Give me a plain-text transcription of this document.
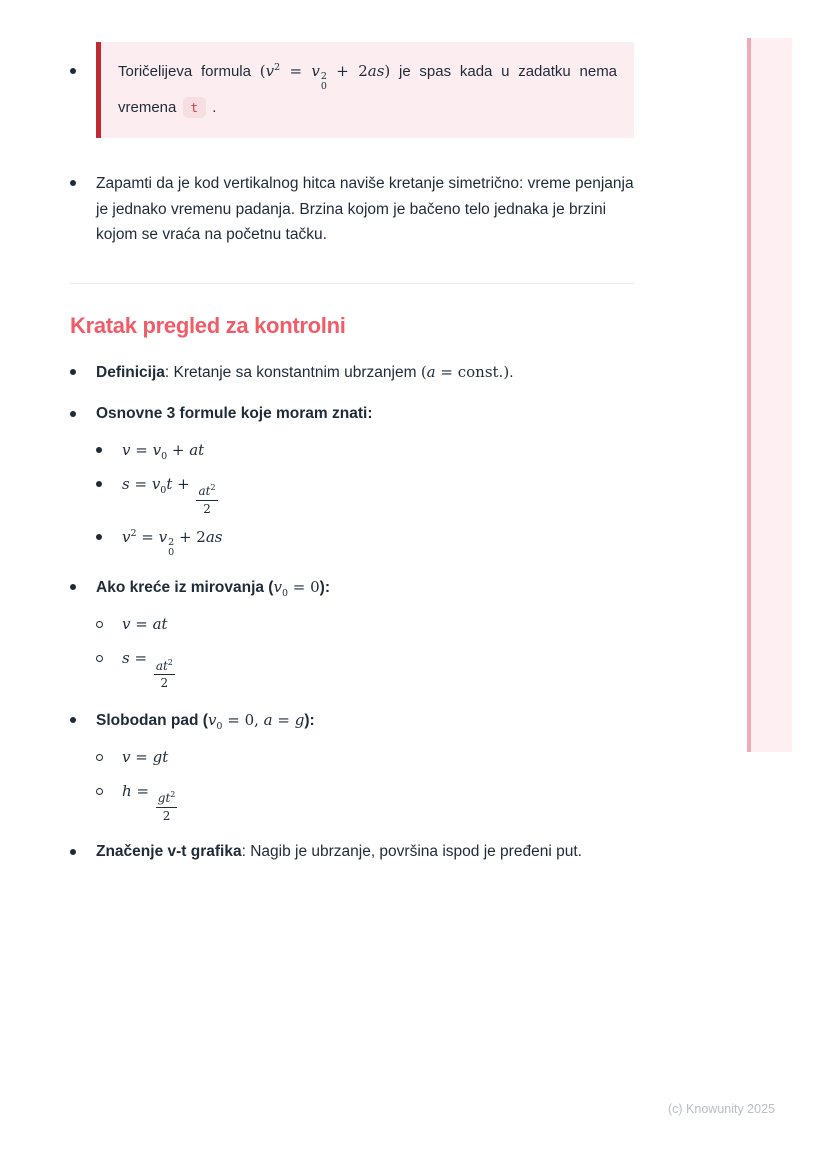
Toričelijeva formula ($v^2 = v$ 2
0
+ 2as) je spas kada u zadatku nema vremena t .

Zapamti da je kod vertikalnog hitca naviše kretanje simetrično: vreme penjanja je jednako vremenu padanja. Brzina kojom je bačeno telo jednaka je brzini kojom se vraća na početnu tačku.

Kratak pregled za kontrolni
Definicija: Kretanje sa konstantnim ubrzanjem (a = const.).
Osnovne 3 formule koje moram znati:
$v = v_0$ + at
$s = v_0t$ +
$\frac{at^2}{2}$
$v^2 = v$ 2
0
+ 2as
Ako kreće iz mirovanja $(v_0 = 0)$:
v = at
s =
$\frac{at^2}{2}$
Slobodan pad ($v_0 = 0$, a = g):
v = gt
h =
$\frac{gt^2}{2}$
Značenje v-t grafika: Nagib je ubrzanje, površina ispod je pređeni put.
(c) Knowunity 2025
